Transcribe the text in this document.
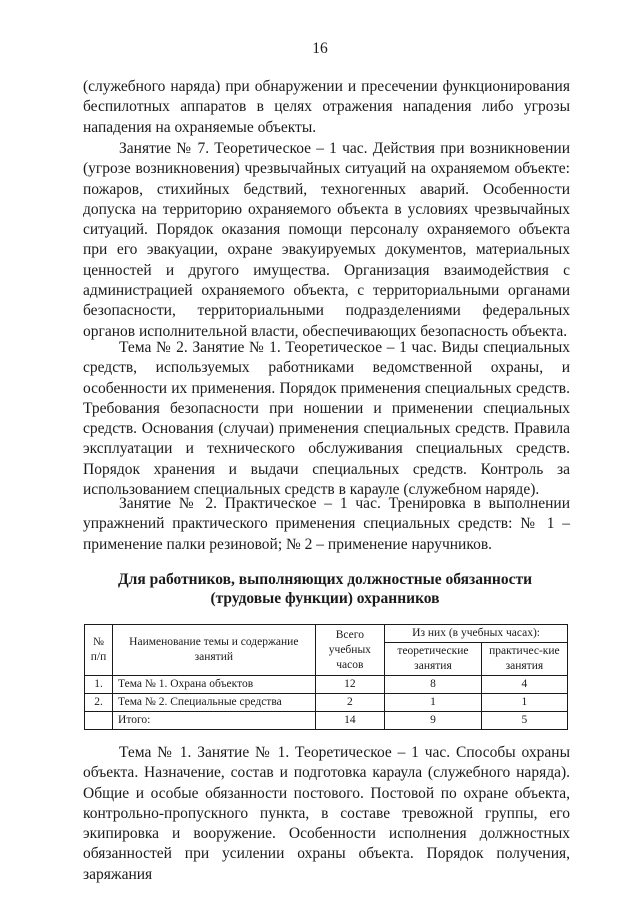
16

(служебного наряда) при обнаружении и пресечении функционирования беспилотных аппаратов в целях отражения нападения либо угрозы нападения на охраняемые объекты.

Занятие № 7. Теоретическое – 1 час. Действия при возникновении (угрозе возникновения) чрезвычайных ситуаций на охраняемом объекте: пожаров, стихийных бедствий, техногенных аварий. Особенности допуска на территорию охраняемого объекта в условиях чрезвычайных ситуаций. Порядок оказания помощи персоналу охраняемого объекта при его эвакуации, охране эвакуируемых документов, материальных ценностей и другого имущества. Организация взаимодействия с администрацией охраняемого объекта, с территориальными органами безопасности, территориальными подразделениями федеральных органов исполнительной власти, обеспечивающих безопасность объекта.

Тема № 2. Занятие № 1. Теоретическое – 1 час. Виды специальных средств, используемых работниками ведомственной охраны, и особенности их применения. Порядок применения специальных средств. Требования безопасности при ношении и применении специальных средств. Основания (случаи) применения специальных средств. Правила эксплуатации и технического обслуживания специальных средств. Порядок хранения и выдачи специальных средств. Контроль за использованием специальных средств в карауле (служебном наряде).

Занятие № 2. Практическое – 1 час. Тренировка в выполнении упражнений практического применения специальных средств: № 1 – применение палки резиновой; № 2 – применение наручников.

Для работников, выполняющих должностные обязанности
(трудовые функции) охранников
№ п/п	Наименование темы и содержание занятий	Всего учебных часов	Из них (в учебных часах):	
			теоретические занятия	практичес-кие занятия
1.	Тема № 1. Охрана объектов	12	8	4
2.	Тема № 2. Специальные средства	2	1	1
	Итого:	14	9	5

Тема № 1. Занятие № 1. Теоретическое – 1 час. Способы охраны объекта. Назначение, состав и подготовка караула (служебного наряда). Общие и особые обязанности постового. Постовой по охране объекта, контрольно-пропускного пункта, в составе тревожной группы, его экипировка и вооружение. Особенности исполнения должностных обязанностей при усилении охраны объекта. Порядок получения, заряжания
